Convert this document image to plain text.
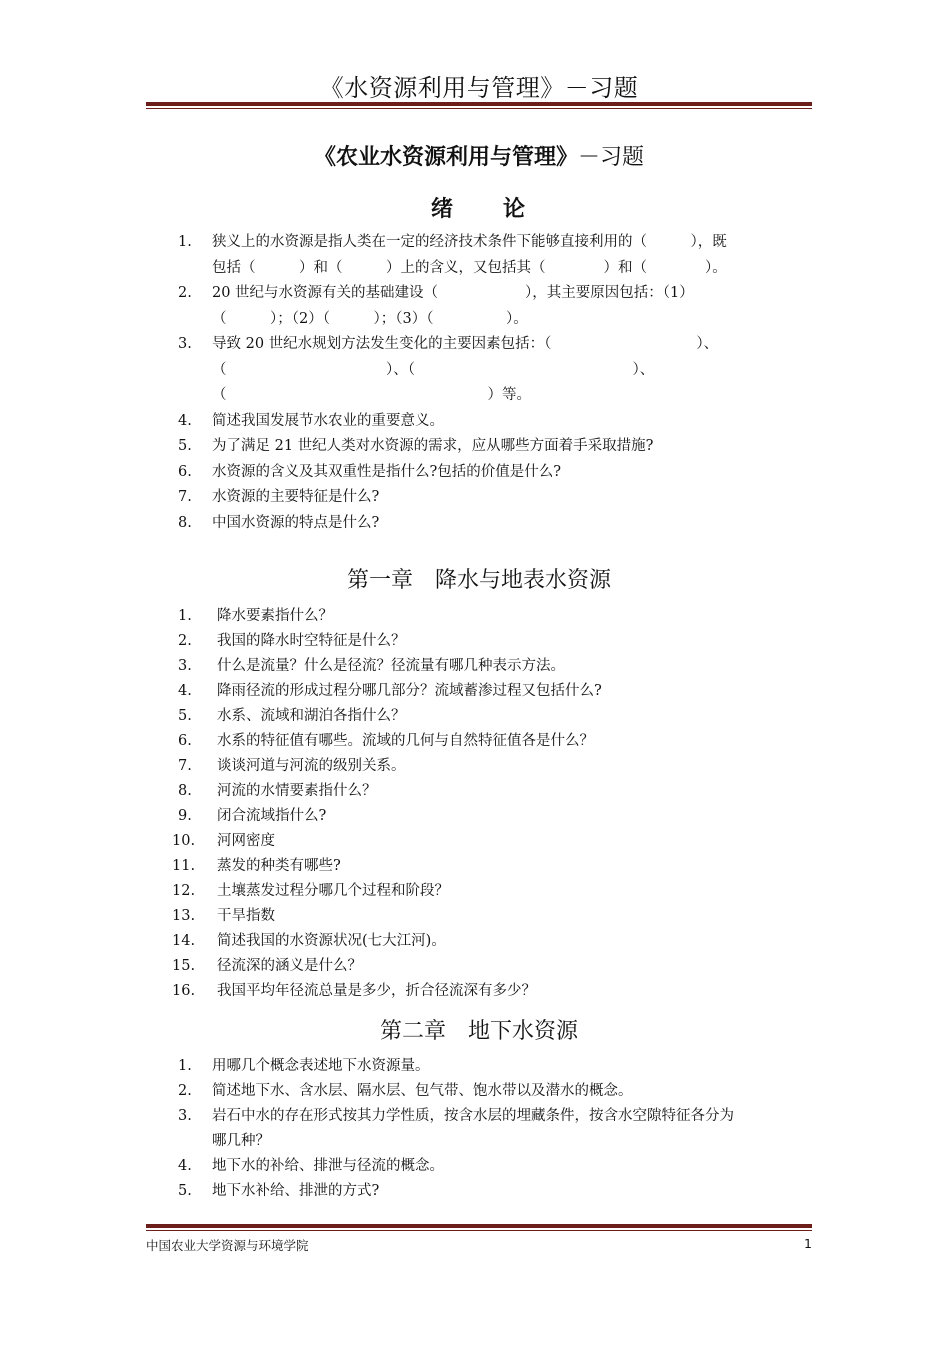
《水资源利用与管理》－习题
《农业水资源利用与管理》－习题
绪　　论
1.	狭义上的水资源是指人类在一定的经济技术条件下能够直接利用的（　　　），既
包括（　　　）和（　　　）上的含义，又包括其（　　　　）和（　　　　）。
2.	20 世纪与水资源有关的基础建设（　　　　　　），其主要原因包括：（1）
（　　　）；（2）（　　　）；（3）（　　　　　）。
3.	导致 20 世纪水规划方法发生变化的主要因素包括：（　　　　　　　　　　）、
（　　　　　　　　　　　）、（　　　　　　　　　　　　　　　）、
（　　　　　　　　　　　　　　　　　　）等。
4.	简述我国发展节水农业的重要意义。
5.	为了满足 21 世纪人类对水资源的需求，应从哪些方面着手采取措施?
6.	水资源的含义及其双重性是指什么?包括的价值是什么?
7.	水资源的主要特征是什么?
8.	中国水资源的特点是什么?
第一章　降水与地表水资源
1.	降水要素指什么？
2.	我国的降水时空特征是什么？
3.	什么是流量？什么是径流？径流量有哪几种表示方法。
4.	降雨径流的形成过程分哪几部分？流域蓄渗过程又包括什么?
5.	水系、流域和湖泊各指什么？
6.	水系的特征值有哪些。流域的几何与自然特征值各是什么？
7.	谈谈河道与河流的级别关系。
8.	河流的水情要素指什么？
9.	闭合流域指什么?
10. 河网密度
11. 蒸发的种类有哪些?
12. 土壤蒸发过程分哪几个过程和阶段？
13. 干旱指数
14. 简述我国的水资源状况(七大江河)。
15. 径流深的涵义是什么？
16. 我国平均年径流总量是多少，折合径流深有多少？
第二章　地下水资源
1.	用哪几个概念表述地下水资源量。
2.	简述地下水、含水层、隔水层、包气带、饱水带以及潜水的概念。
3.	岩石中水的存在形式按其力学性质，按含水层的埋藏条件，按含水空隙特征各分为
哪几种？
4.	地下水的补给、排泄与径流的概念。
5.	地下水补给、排泄的方式?
中国农业大学资源与环境学院	1
